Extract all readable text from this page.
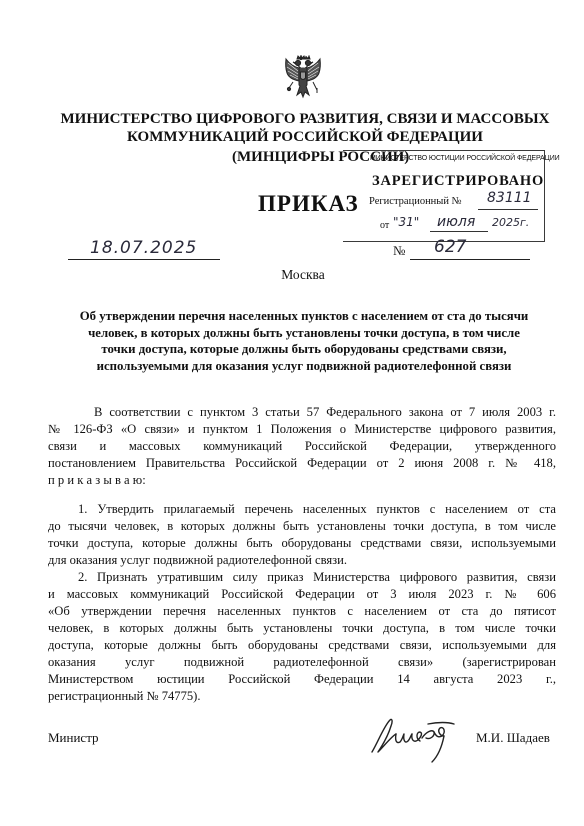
МИНИСТЕРСТВО ЦИФРОВОГО РАЗВИТИЯ, СВЯЗИ И МАССОВЫХ
КОММУНИКАЦИЙ РОССИЙСКОЙ ФЕДЕРАЦИИ
(МИНЦИФРЫ РОССИИ)
ПРИКАЗ
МИНИСТЕРСТВО ЮСТИЦИИ РОССИЙСКОЙ ФЕДЕРАЦИИ
ЗАРЕГИСТРИРОВАНО
Регистрационный № 83111
от "31" июля 2025г.
18.07.2025	№ 627
Москва
Об утверждении перечня населенных пунктов с населением от ста до тысячи
человек, в которых должны быть установлены точки доступа, в том числе
точки доступа, которые должны быть оборудованы средствами связи,
используемыми для оказания услуг подвижной радиотелефонной связи
В соответствии с пунктом 3 статьи 57 Федерального закона от 7 июля 2003 г.
№ 126-ФЗ «О связи» и пунктом 1 Положения о Министерстве цифрового развития,
связи и массовых коммуникаций Российской Федерации, утвержденного
постановлением Правительства Российской Федерации от 2 июня 2008 г. № 418,
п р и к а з ы в а ю:
1. Утвердить прилагаемый перечень населенных пунктов с населением от ста
до тысячи человек, в которых должны быть установлены точки доступа, в том числе
точки доступа, которые должны быть оборудованы средствами связи, используемыми
для оказания услуг подвижной радиотелефонной связи.
2. Признать утратившим силу приказ Министерства цифрового развития, связи
и массовых коммуникаций Российской Федерации от 3 июля 2023 г. № 606
«Об утверждении перечня населенных пунктов с населением от ста до пятисот
человек, в которых должны быть установлены точки доступа, в том числе точки
доступа, которые должны быть оборудованы средствами связи, используемыми для
оказания услуг подвижной радиотелефонной связи» (зарегистрирован
Министерством юстиции Российской Федерации 14 августа 2023 г.,
регистрационный № 74775).
Министр	М.И. Шадаев
